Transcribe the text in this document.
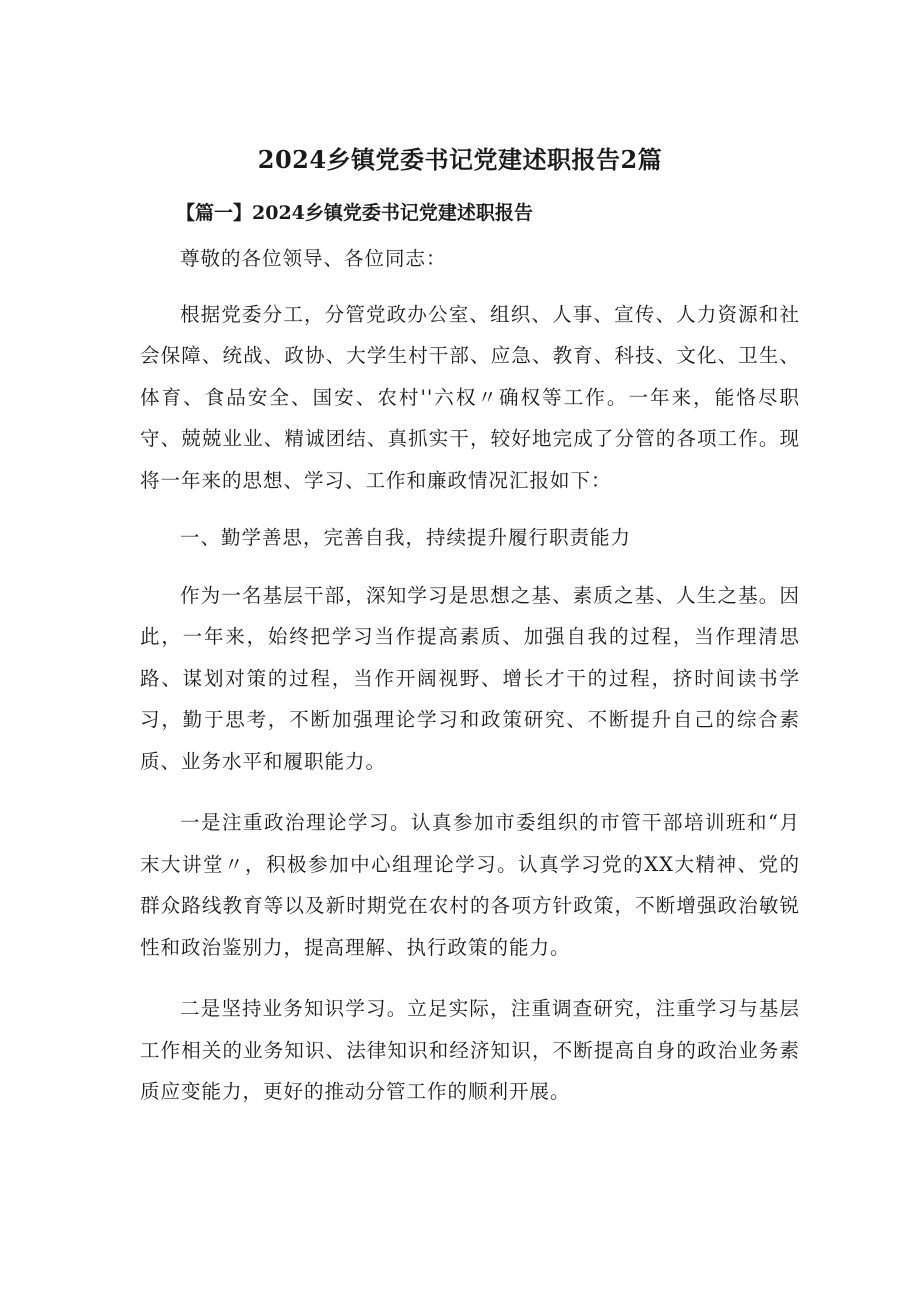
2024乡镇党委书记党建述职报告2篇
【篇一】2024乡镇党委书记党建述职报告

尊敬的各位领导、各位同志：

根据党委分工，分管党政办公室、组织、人事、宣传、人力资源和社会保障、统战、政协、大学生村干部、应急、教育、科技、文化、卫生、体育、食品安全、国安、农村''六权〃确权等工作。一年来，能恪尽职守、兢兢业业、精诚团结、真抓实干，较好地完成了分管的各项工作。现将一年来的思想、学习、工作和廉政情况汇报如下：

一、勤学善思，完善自我，持续提升履行职责能力

作为一名基层干部，深知学习是思想之基、素质之基、人生之基。因此，一年来，始终把学习当作提高素质、加强自我的过程，当作理清思路、谋划对策的过程，当作开阔视野、增长才干的过程，挤时间读书学习，勤于思考，不断加强理论学习和政策研究、不断提升自己的综合素质、业务水平和履职能力。

一是注重政治理论学习。认真参加市委组织的市管干部培训班和“月末大讲堂〃，积极参加中心组理论学习。认真学习党的XX大精神、党的群众路线教育等以及新时期党在农村的各项方针政策，不断增强政治敏锐性和政治鉴别力，提高理解、执行政策的能力。

二是坚持业务知识学习。立足实际，注重调查研究，注重学习与基层工作相关的业务知识、法律知识和经济知识，不断提高自身的政治业务素质应变能力，更好的推动分管工作的顺利开展。
